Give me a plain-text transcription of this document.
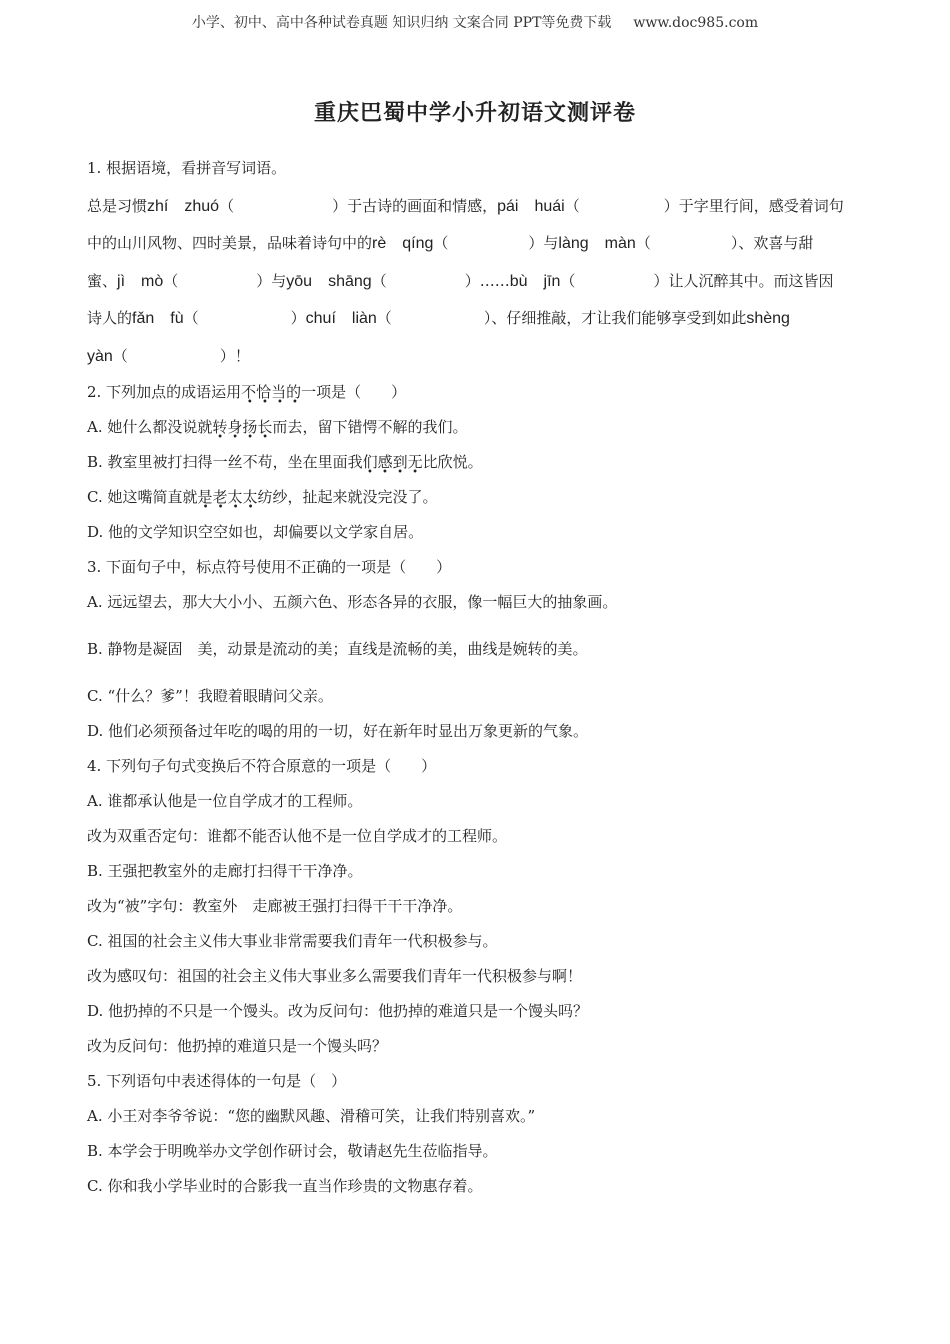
小学、初中、高中各种试卷真题 知识归纳 文案合同 PPT等免费下载 www.doc985.com
重庆巴蜀中学小升初语文测评卷
1. 根据语境，看拼音写词语。
总是习惯zhí　zhuó（	）于古诗的画面和情感，pái　huái（	）于字里行间，感受着词句
中的山川风物、四时美景，品味着诗句中的rè　qíng（	）与làng　màn（	）、欢喜与甜
蜜、jì　mò（	）与yōu　shāng（	）……bù　jīn（	）让人沉醉其中。而这皆因
诗人的fǎn　fù（	）chuí　liàn（	）、仔细推敲，才让我们能够享受到如此shèng
yàn（	）！
2. 下列加点的成语运用不恰当的一项是（　　）
A. 她什么都没说就转身扬长而去，留下错愕不解的我们。
B. 教室里被打扫得一丝不苟，坐在里面我们感到无比欣悦。
C. 她这嘴简直就是老太太纺纱，扯起来就没完没了。
D. 他的文学知识空空如也，却偏要以文学家自居。
3. 下面句子中，标点符号使用不正确的一项是（　　）
A. 远远望去，那大大小小、五颜六色、形态各异的衣服，像一幅巨大的抽象画。
B. 静物是凝固　美，动景是流动的美；直线是流畅的美，曲线是婉转的美。
C. “什么？爹”！我瞪着眼睛问父亲。
D. 他们必须预备过年吃的喝的用的一切，好在新年时显出万象更新的气象。
4. 下列句子句式变换后不符合原意的一项是（　　）
A. 谁都承认他是一位自学成才的工程师。
改为双重否定句：谁都不能否认他不是一位自学成才的工程师。
B. 王强把教室外的走廊打扫得干干净净。
改为“被”字句：教室外　走廊被王强打扫得干干干净净。
C. 祖国的社会主义伟大事业非常需要我们青年一代积极参与。
改为感叹句：祖国的社会主义伟大事业多么需要我们青年一代积极参与啊！
D. 他扔掉的不只是一个馒头。改为反问句：他扔掉的难道只是一个馒头吗？
改为反问句：他扔掉的难道只是一个馒头吗？
5. 下列语句中表述得体的一句是（　）
A. 小王对李爷爷说：“您的幽默风趣、滑稽可笑，让我们特别喜欢。”
B. 本学会于明晚举办文学创作研讨会，敬请赵先生莅临指导。
C. 你和我小学毕业时的合影我一直当作珍贵的文物惠存着。
